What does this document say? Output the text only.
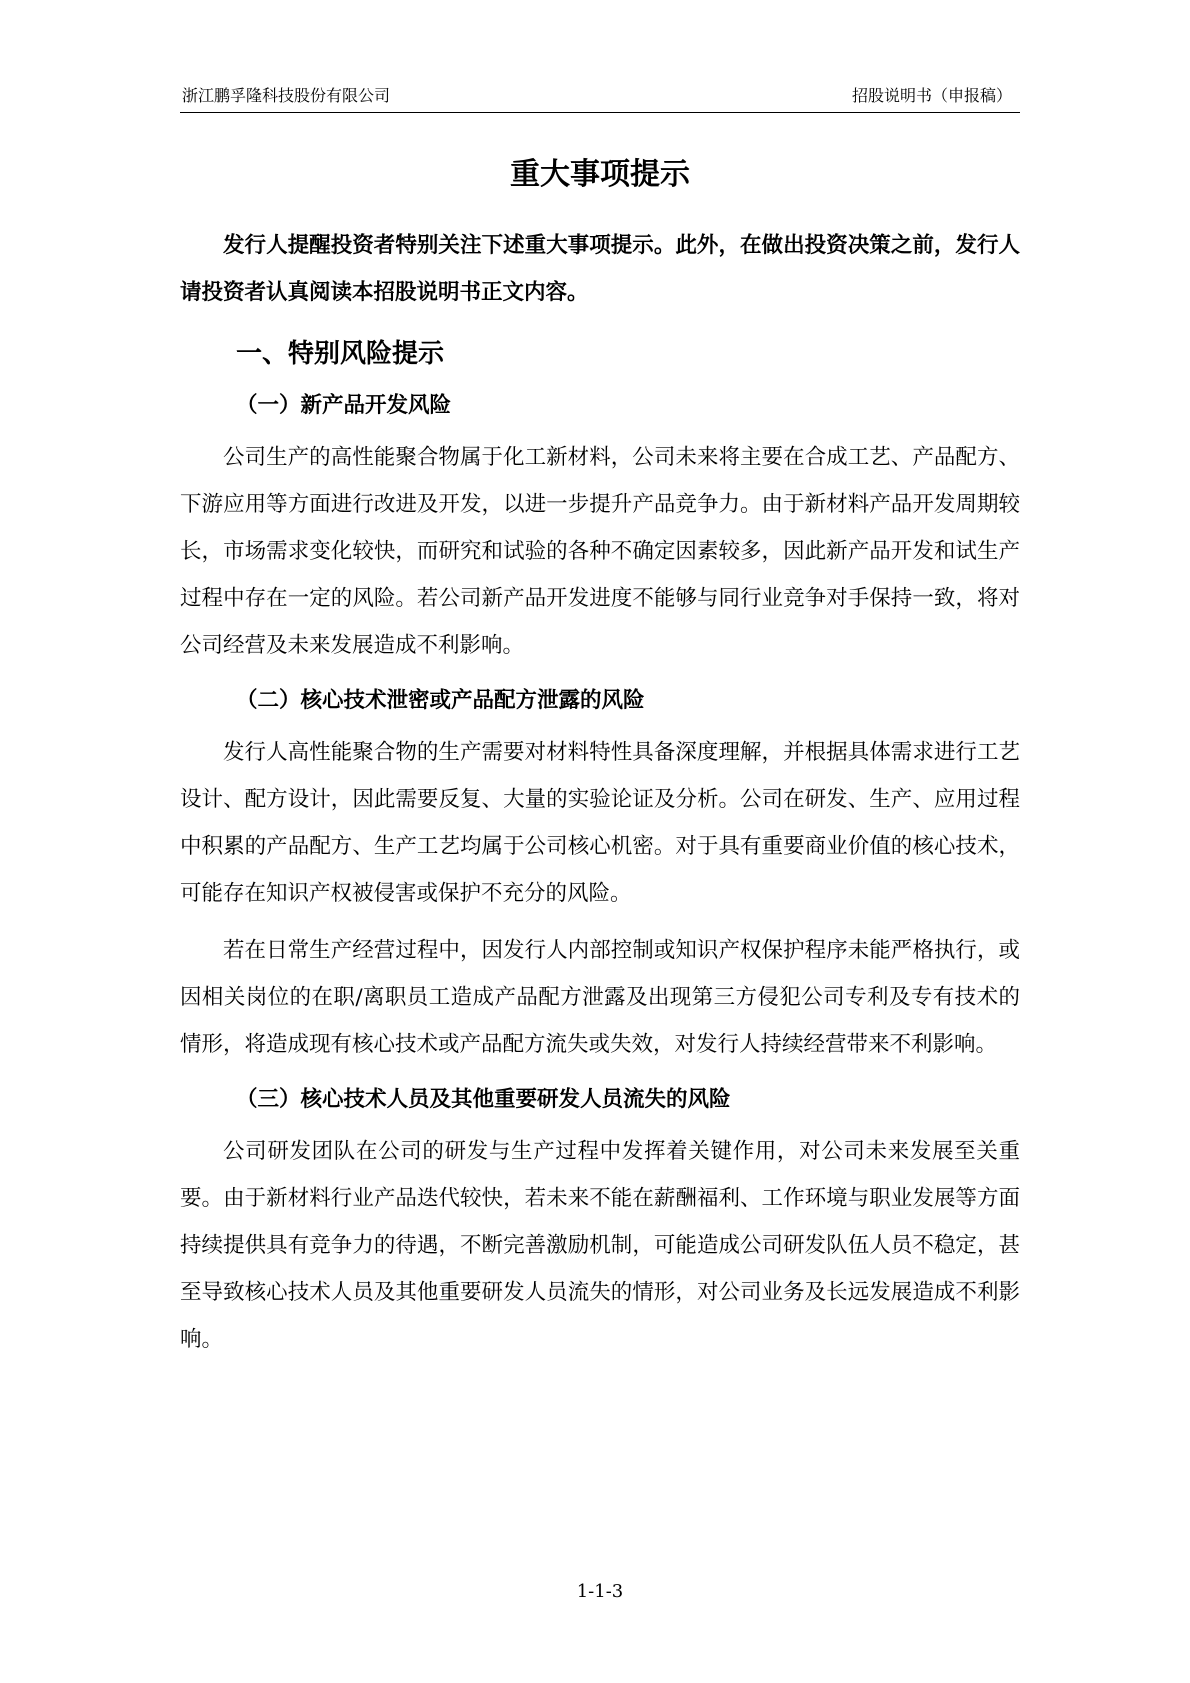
浙江鹏孚隆科技股份有限公司	招股说明书（申报稿）
重大事项提示

发行人提醒投资者特别关注下述重大事项提示。此外，在做出投资决策之前，发行人请投资者认真阅读本招股说明书正文内容。

一、特别风险提示
（一）新产品开发风险

公司生产的高性能聚合物属于化工新材料，公司未来将主要在合成工艺、产品配方、下游应用等方面进行改进及开发，以进一步提升产品竞争力。由于新材料产品开发周期较长，市场需求变化较快，而研究和试验的各种不确定因素较多，因此新产品开发和试生产过程中存在一定的风险。若公司新产品开发进度不能够与同行业竞争对手保持一致，将对公司经营及未来发展造成不利影响。

（二）核心技术泄密或产品配方泄露的风险

发行人高性能聚合物的生产需要对材料特性具备深度理解，并根据具体需求进行工艺设计、配方设计，因此需要反复、大量的实验论证及分析。公司在研发、生产、应用过程中积累的产品配方、生产工艺均属于公司核心机密。对于具有重要商业价值的核心技术，可能存在知识产权被侵害或保护不充分的风险。

若在日常生产经营过程中，因发行人内部控制或知识产权保护程序未能严格执行，或因相关岗位的在职/离职员工造成产品配方泄露及出现第三方侵犯公司专利及专有技术的情形，将造成现有核心技术或产品配方流失或失效，对发行人持续经营带来不利影响。

（三）核心技术人员及其他重要研发人员流失的风险

公司研发团队在公司的研发与生产过程中发挥着关键作用，对公司未来发展至关重要。由于新材料行业产品迭代较快，若未来不能在薪酬福利、工作环境与职业发展等方面持续提供具有竞争力的待遇，不断完善激励机制，可能造成公司研发队伍人员不稳定，甚至导致核心技术人员及其他重要研发人员流失的情形，对公司业务及长远发展造成不利影响。

1-1-3
